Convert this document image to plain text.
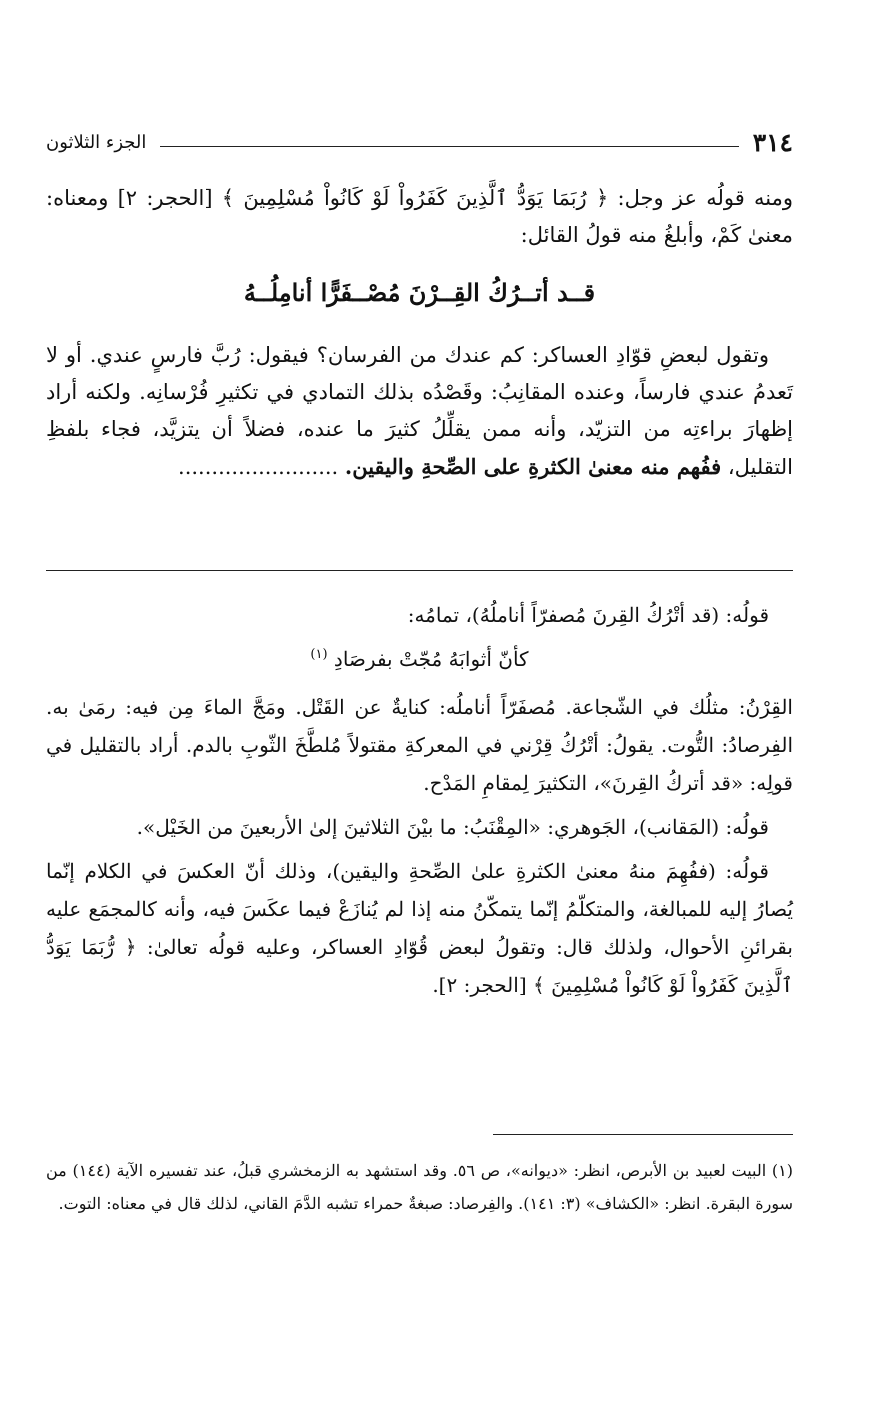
٣١٤
الجزء الثلاثون

ومنه قولُه عز وجل: ﴿ رُبَمَا يَوَدُّ ٱلَّذِينَ كَفَرُواْ لَوْ كَانُواْ مُسْلِمِينَ ﴾ [الحجر: ٢] ومعناه: معنىٰ كَمْ، وأبلغُ منه قولُ القائل:

قــد أتــرُكُ القِــرْنَ مُصْــفَرًّا أنامِلُــهُ

وتقول لبعضِ قوّادِ العساكر: كم عندك من الفرسان؟ فيقول: رُبَّ فارسٍ عندي. أو لا تَعدمُ عندي فارساً، وعنده المقانِبُ: وقَصْدُه بذلك التمادي في تكثيرِ فُرْسانِه. ولكنه أراد إظهارَ براءتِه من التزيّد، وأنه ممن يقلِّلُ كثيرَ ما عنده، فضلاً أن يتزيَّد، فجاء بلفظِ التقليل، ففُهم منه معنىٰ الكثرةِ على الصِّحةِ واليقين. ........................

قولُه: (قد أتْرُكُ القِرنَ مُصفرّاً أناملُهُ)، تمامُه:

كأنّ أثوابَهُ مُجّتْ بفرصَادِ $^{(١)}$

القِرْنُ: مثلُك في الشّجاعة. مُصفَرّاً أناملُه: كنايةٌ عن القَتْل. ومَجَّ الماءَ مِن فيه: رمَىٰ به. الفِرصادُ: التُّوت. يقولُ: أتْرُكُ قِرْني في المعركةِ مقتولاً مُلطَّخَ الثّوبِ بالدم. أراد بالتقليل في قولِه: «قد أتركُ القِرنَ»، التكثيرَ لِمقامِ المَدْح.

قولُه: (المَقانب)، الجَوهري: «المِقْنَبُ: ما بيْنَ الثلاثينَ إلىٰ الأربعينَ من الخَيْل».

قولُه: (ففُهِمَ منهُ معنىٰ الكثرةِ علىٰ الصِّحةِ واليقين)، وذلك أنّ العكسَ في الكلام إنّما يُصارُ إليه للمبالغة، والمتكلّمُ إنّما يتمكّنُ منه إذا لم يُنازَعْ فيما عكَسَ فيه، وأنه كالمجمَع عليه بقرائنِ الأحوال، ولذلك قال: وتقولُ لبعض قُوّادِ العساكر، وعليه قولُه تعالىٰ: ﴿ رُّبَمَا يَوَدُّ ٱلَّذِينَ كَفَرُواْ لَوْ كَانُواْ مُسْلِمِينَ ﴾ [الحجر: ٢].

(١) البيت لعبيد بن الأبرص، انظر: «ديوانه»، ص ٥٦. وقد استشهد به الزمخشري قبلُ، عند تفسيره الآية (١٤٤) من سورة البقرة. انظر: «الكشاف» (٣: ١٤١). والفِرصاد: صبغةٌ حمراء تشبه الدَّمَ القاني، لذلك قال في معناه: التوت.
